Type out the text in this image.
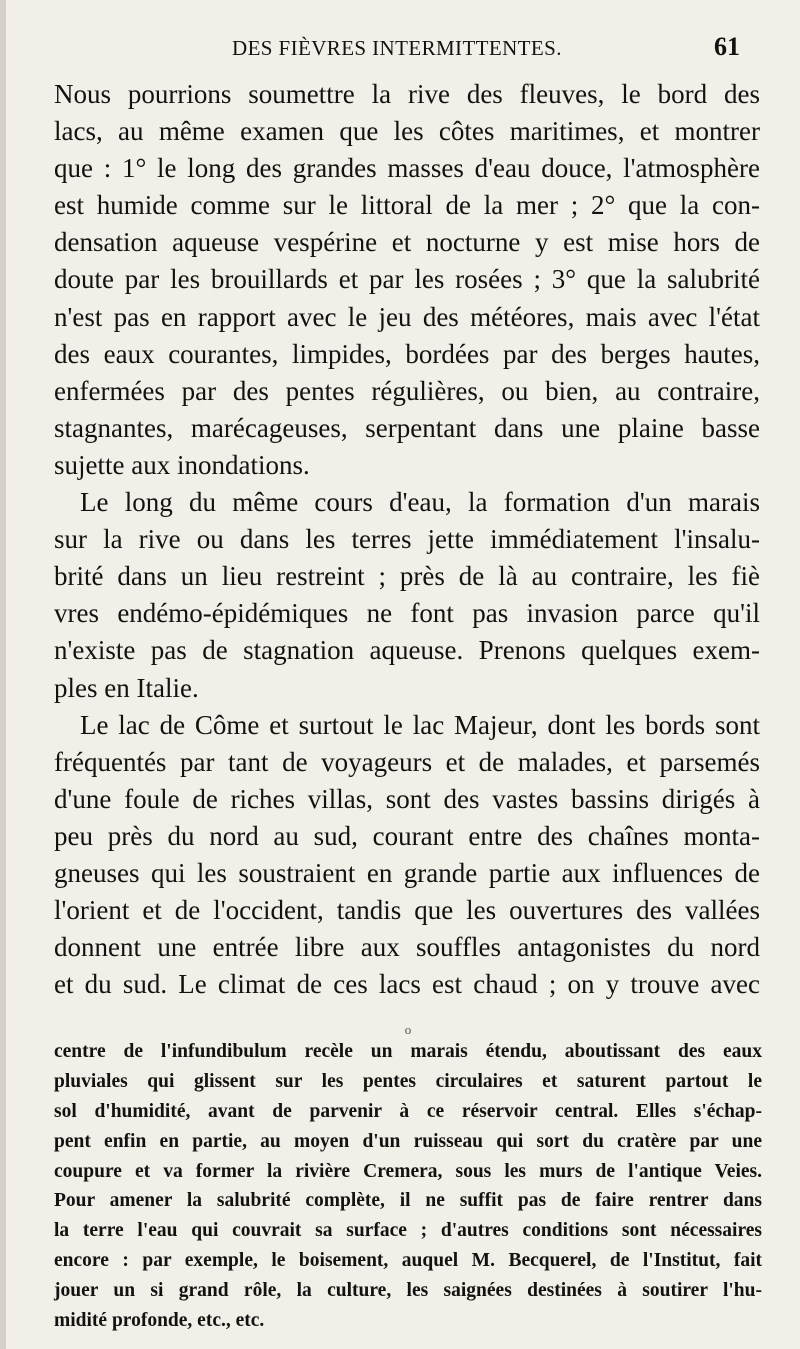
DES FIÈVRES INTERMITTENTES.	61
Nous pourrions soumettre la rive des fleuves, le bord des
lacs, au même examen que les côtes maritimes, et montrer
que : 1° le long des grandes masses d'eau douce, l'atmosphère
est humide comme sur le littoral de la mer ; 2° que la con-
densation aqueuse vespérine et nocturne y est mise hors de
doute par les brouillards et par les rosées ; 3° que la salubrité
n'est pas en rapport avec le jeu des météores, mais avec l'état
des eaux courantes, limpides, bordées par des berges hautes,
enfermées par des pentes régulières, ou bien, au contraire,
stagnantes, marécageuses, serpentant dans une plaine basse
sujette aux inondations.
Le long du même cours d'eau, la formation d'un marais
sur la rive ou dans les terres jette immédiatement l'insalu-
brité dans un lieu restreint ; près de là au contraire, les fiè
vres endémo-épidémiques ne font pas invasion parce qu'il
n'existe pas de stagnation aqueuse. Prenons quelques exem-
ples en Italie.
Le lac de Côme et surtout le lac Majeur, dont les bords sont
fréquentés par tant de voyageurs et de malades, et parsemés
d'une foule de riches villas, sont des vastes bassins dirigés à
peu près du nord au sud, courant entre des chaînes monta-
gneuses qui les soustraient en grande partie aux influences de
l'orient et de l'occident, tandis que les ouvertures des vallées
donnent une entrée libre aux souffles antagonistes du nord
et du sud. Le climat de ces lacs est chaud ; on y trouve avec
o
centre de l'infundibulum recèle un marais étendu, aboutissant des eaux
pluviales qui glissent sur les pentes circulaires et saturent partout le
sol d'humidité, avant de parvenir à ce réservoir central. Elles s'échap-
pent enfin en partie, au moyen d'un ruisseau qui sort du cratère par une
coupure et va former la rivière Cremera, sous les murs de l'antique Veies.
Pour amener la salubrité complète, il ne suffit pas de faire rentrer dans
la terre l'eau qui couvrait sa surface ; d'autres conditions sont nécessaires
encore : par exemple, le boisement, auquel M. Becquerel, de l'Institut, fait
jouer un si grand rôle, la culture, les saignées destinées à soutirer l'hu-
midité profonde, etc., etc.
